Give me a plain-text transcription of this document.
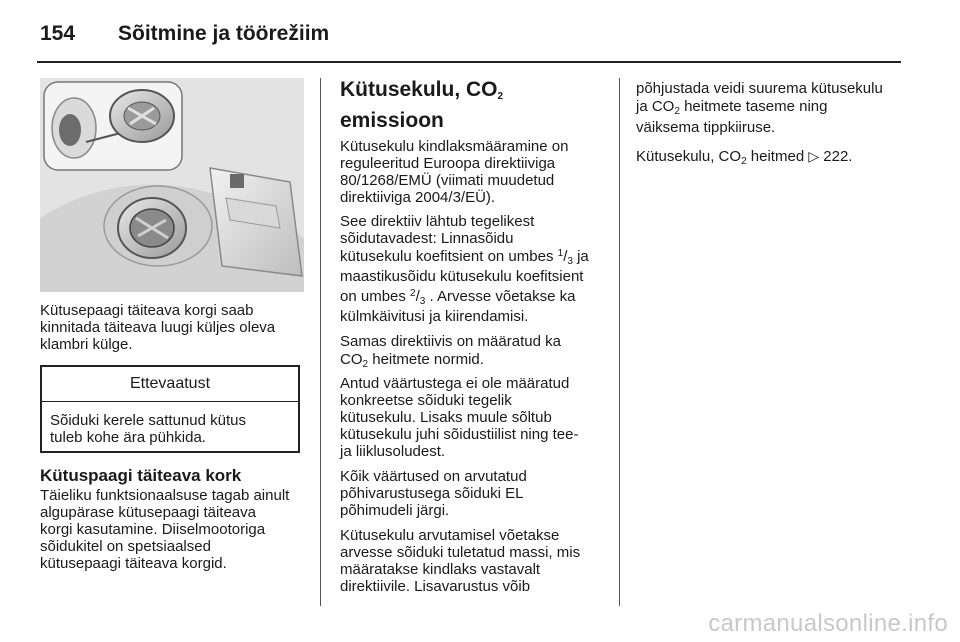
154 Sõitmine ja töörežiim

Kütusepaagi täiteava korgi saab

kinnitada täiteava luugi küljes oleva

klambri külge.

Ettevaatust
Sõiduki kerele sattunud kütus
tuleb kohe ära pühkida.
Kütuspaagi täiteava kork

Täieliku funktsionaalsuse tagab ainult

algupärase kütusepaagi täiteava

korgi kasutamine. Diiselmootoriga

sõidukitel on spetsiaalsed

kütusepaagi täiteava korgid.

Kütusekulu, $CO_2$
emissioon

Kütusekulu kindlaksmääramine on

reguleeritud Euroopa direktiiviga

80/1268/EMÜ (viimati muudetud

direktiiviga 2004/3/EÜ).

See direktiiv lähtub tegelikest

sõidutavadest: Linnasõidu

kütusekulu koefitsient on umbes $^1/_3$ ja

maastikusõidu kütusekulu koefitsient

on umbes $^2/_3$ . Arvesse võetakse ka

külmkäivitusi ja kiirendamisi.

Samas direktiivis on määratud ka

$CO_2$ heitmete normid.

Antud väärtustega ei ole määratud

konkreetse sõiduki tegelik

kütusekulu. Lisaks muule sõltub

kütusekulu juhi sõidustiilist ning tee-

ja liiklusoludest.

Kõik väärtused on arvutatud

põhivarustusega sõiduki EL

põhimudeli järgi.

Kütusekulu arvutamisel võetakse

arvesse sõiduki tuletatud massi, mis

määratakse kindlaks vastavalt

direktiivile. Lisavarustus võib

põhjustada veidi suurema kütusekulu

ja $CO_2$ heitmete taseme ning

väiksema tippkiiruse.

Kütusekulu, $CO_2$ heitmed ▷ 222.

carmanualsonline.info
